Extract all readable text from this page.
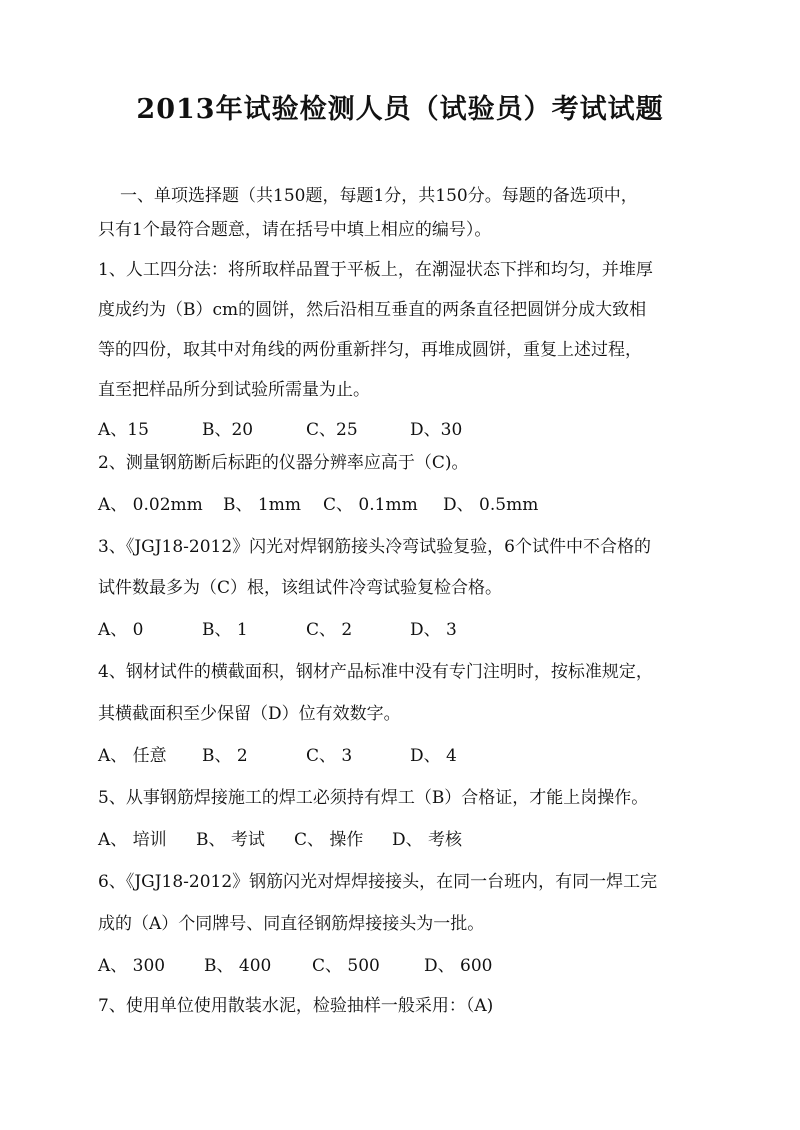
2013年试验检测人员（试验员）考试试题
一、单项选择题（共150题，每题1分，共150分。每题的备选项中，
只有1个最符合题意，请在括号中填上相应的编号）。
1、人工四分法：将所取样品置于平板上，在潮湿状态下拌和均匀，并堆厚
度成约为（B）cm的圆饼，然后沿相互垂直的两条直径把圆饼分成大致相
等的四份，取其中对角线的两份重新拌匀，再堆成圆饼，重复上述过程，
直至把样品所分到试验所需量为止。
A、15	B、20	C、25	D、30
2、测量钢筋断后标距的仪器分辨率应高于（C)。
A、 0.02mm B、 1mm C、 0.1mm D、 0.5mm
3、《JGJ18-2012》闪光对焊钢筋接头冷弯试验复验，6个试件中不合格的
试件数最多为（C）根，该组试件冷弯试验复检合格。
A、 0	B、 1	C、 2	D、 3
4、钢材试件的横截面积，钢材产品标准中没有专门注明时，按标准规定，
其横截面积至少保留（D）位有效数字。
A、 任意 B、 2	C、 3	D、 4
5、从事钢筋焊接施工的焊工必须持有焊工（B）合格证，才能上岗操作。
A、 培训 B、 考试 C、 操作 D、 考核
6、《JGJ18-2012》钢筋闪光对焊焊接接头，在同一台班内，有同一焊工完
成的（A）个同牌号、同直径钢筋焊接接头为一批。
A、 300 B、 400 C、 500	D、 600
7、使用单位使用散装水泥，检验抽样一般采用：（A)
